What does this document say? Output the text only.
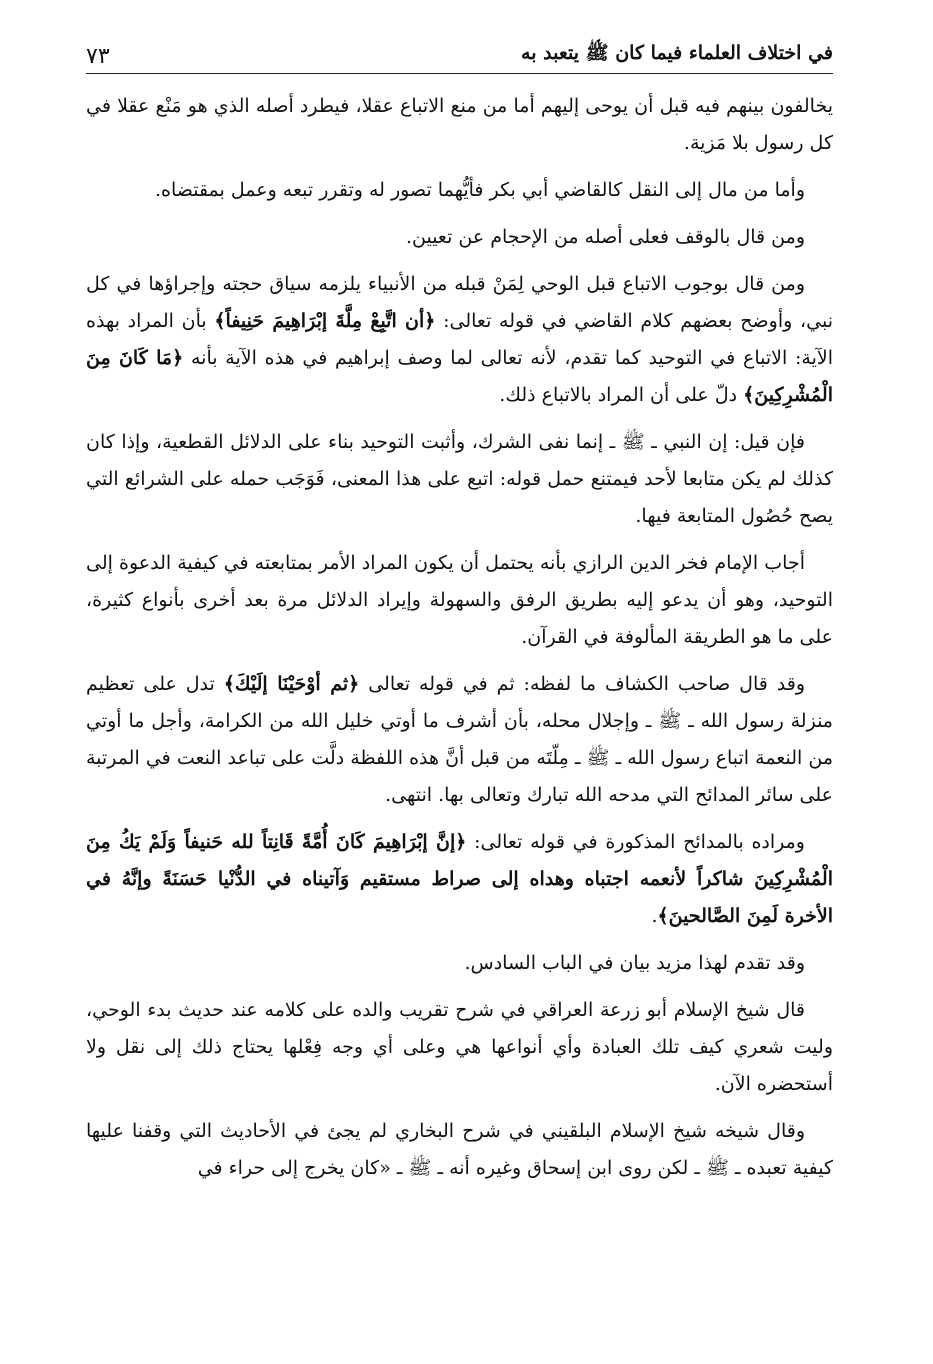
في اختلاف العلماء فيما كان ﷺ يتعبد به
٧٣

يخالفون بينهم فيه قبل أن يوحى إليهم أما من منع الاتباع عقلا، فيطرد أصله الذي هو مَنْع عقلا في كل رسول بلا مَزية.

وأما من مال إلى النقل كالقاضي أبي بكر فأيُّهما تصور له وتقرر تبعه وعمل بمقتضاه.

ومن قال بالوقف فعلى أصله من الإحجام عن تعيين.

ومن قال بوجوب الاتباع قبل الوحي لِمَنْ قبله من الأنبياء يلزمه سياق حجته وإجراؤها في كل نبي، وأوضح بعضهم كلام القاضي في قوله تعالى: ﴿أن اتَّبِعْ مِلَّةَ إبْرَاهِيمَ حَنِيفاً﴾ بأن المراد بهذه الآية: الاتباع في التوحيد كما تقدم، لأنه تعالى لما وصف إبراهيم في هذه الآية بأنه ﴿مَا كَانَ مِنَ الْمُشْرِكِينَ﴾ دلّ على أن المراد بالاتباع ذلك.

فإن قيل: إن النبي ـ ﷺ ـ إنما نفى الشرك، وأثبت التوحيد بناء على الدلائل القطعية، وإذا كان كذلك لم يكن متابعا لأحد فيمتنع حمل قوله: اتبع على هذا المعنى، فَوَجَب حمله على الشرائع التي يصح حُصُول المتابعة فيها.

أجاب الإمام فخر الدين الرازي بأنه يحتمل أن يكون المراد الأمر بمتابعته في كيفية الدعوة إلى التوحيد، وهو أن يدعو إليه بطريق الرفق والسهولة وإيراد الدلائل مرة بعد أخرى بأنواع كثيرة، على ما هو الطريقة المألوفة في القرآن.

وقد قال صاحب الكشاف ما لفظه: ثم في قوله تعالى ﴿ثم أوْحَيْنَا إلَيْكَ﴾ تدل على تعظيم منزلة رسول الله ـ ﷺ ـ وإجلال محله، بأن أشرف ما أوتي خليل الله من الكرامة، وأجل ما أوتي من النعمة اتباع رسول الله ـ ﷺ ـ مِلّتَه من قبل أنَّ هذه اللفظة دلَّت على تباعد النعت في المرتبة على سائر المدائح التي مدحه الله تبارك وتعالى بها. انتهى.

ومراده بالمدائح المذكورة في قوله تعالى: ﴿إنَّ إبْرَاهِيمَ كَانَ أُمَّةً قَانِتاً لله حَنيفاً وَلَمْ يَكُ مِنَ الْمُشْرِكِينَ شاكراً لأنعمه اجتباه وهداه إلى صراط مستقيم وَآتيناه في الدُّنْيا حَسَنَةً وإنَّهُ في الأخرة لَمِنَ الصَّالحينَ﴾.

وقد تقدم لهذا مزيد بيان في الباب السادس.

قال شيخ الإسلام أبو زرعة العراقي في شرح تقريب والده على كلامه عند حديث بدء الوحي، وليت شعري كيف تلك العبادة وأي أنواعها هي وعلى أي وجه فِعْلها يحتاج ذلك إلى نقل ولا أستحضره الآن.

وقال شيخه شيخ الإسلام البلقيني في شرح البخاري لم يجئ في الأحاديث التي وقفنا عليها كيفية تعبده ـ ﷺ ـ لكن روى ابن إسحاق وغيره أنه ـ ﷺ ـ «كان يخرج إلى حراء في
